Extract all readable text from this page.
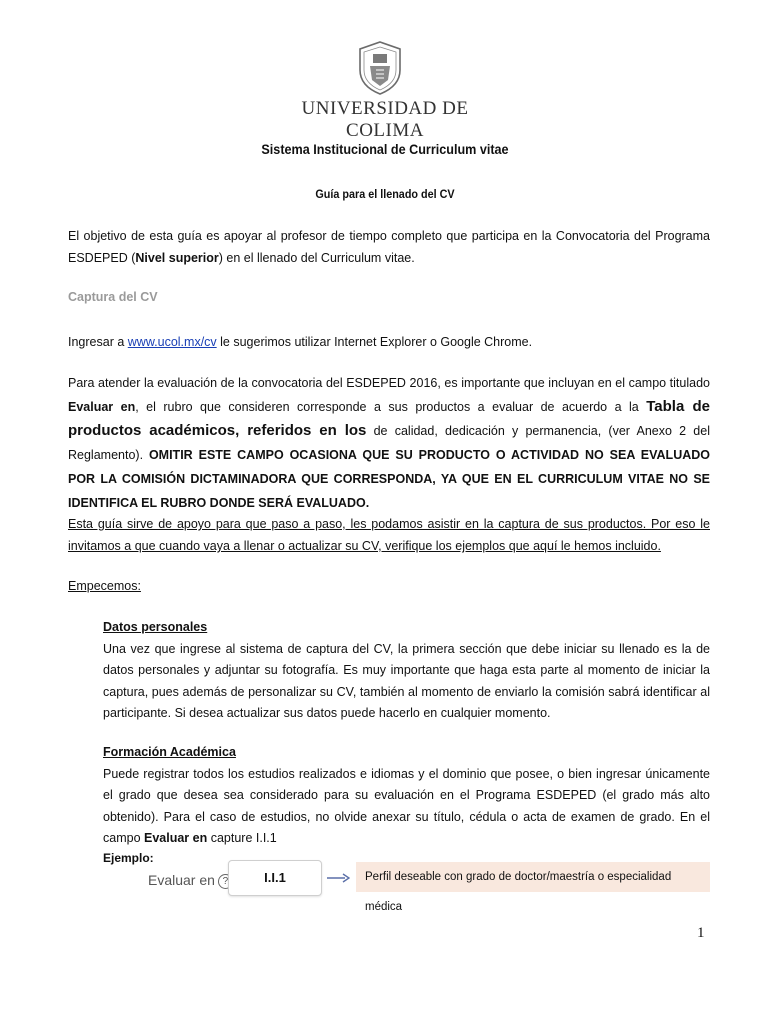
UNIVERSIDAD DE COLIMA
Sistema Institucional de Curriculum vitae
Guía para el llenado del CV

El objetivo de esta guía es apoyar al profesor de tiempo completo que participa en la Convocatoria del Programa ESDEPED (Nivel superior) en el llenado del Curriculum vitae.

Captura del CV

Ingresar a www.ucol.mx/cv le sugerimos utilizar Internet Explorer o Google Chrome.

Para atender la evaluación de la convocatoria del ESDEPED 2016, es importante que incluyan en el campo titulado Evaluar en, el rubro que consideren corresponde a sus productos a evaluar de acuerdo a la Tabla de productos académicos, referidos en los de calidad, dedicación y permanencia, (ver Anexo 2 del Reglamento). OMITIR ESTE CAMPO OCASIONA QUE SU PRODUCTO O ACTIVIDAD NO SEA EVALUADO POR LA COMISIÓN DICTAMINADORA QUE CORRESPONDA, YA QUE EN EL CURRICULUM VITAE NO SE IDENTIFICA EL RUBRO DONDE SERÁ EVALUADO.

Esta guía sirve de apoyo para que paso a paso, les podamos asistir en la captura de sus productos. Por eso le invitamos a que cuando vaya a llenar o actualizar su CV, verifique los ejemplos que aquí le hemos incluido.

Empecemos:

Datos personales
Una vez que ingrese al sistema de captura del CV, la primera sección que debe iniciar su llenado es la de datos personales y adjuntar su fotografía. Es muy importante que haga esta parte al momento de iniciar la captura, pues además de personalizar su CV, también al momento de enviarlo la comisión sabrá identificar al participante. Si desea actualizar sus datos puede hacerlo en cualquier momento.
Formación Académica
Puede registrar todos los estudios realizados e idiomas y el dominio que posee, o bien ingresar únicamente el grado que desea sea considerado para su evaluación en el Programa ESDEPED (el grado más alto obtenido). Para el caso de estudios, no olvide anexar su título, cédula o acta de examen de grado. En el campo Evaluar en capture I.I.1
Ejemplo:
Evaluar en ?	I.I.1	Perfil deseable con grado de doctor/maestría o especialidad médica
1
